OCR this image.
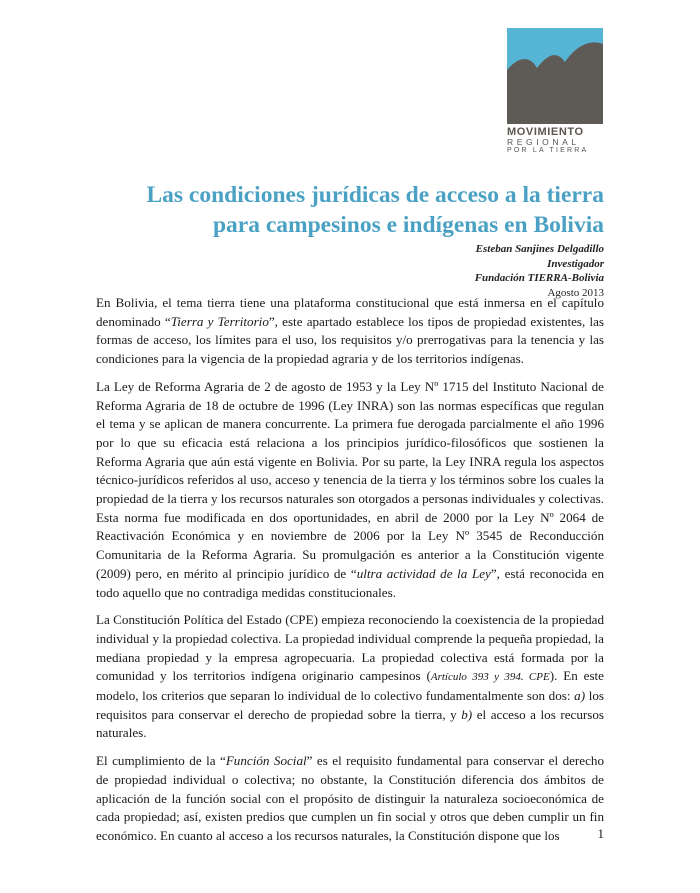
MOVIMIENTO
REGIONAL
POR LA TIERRA
Las condiciones jurídicas de acceso a la tierra
para campesinos e indígenas en Bolivia
Esteban Sanjines Delgadillo
Investigador
Fundación TIERRA-Bolivia
Agosto 2013

En Bolivia, el tema tierra tiene una plataforma constitucional que está inmersa en el capítulo denominado “Tierra y Territorio”, este apartado establece los tipos de propiedad existentes, las formas de acceso, los límites para el uso, los requisitos y/o prerrogativas para la tenencia y las condiciones para la vigencia de la propiedad agraria y de los territorios indígenas.

La Ley de Reforma Agraria de 2 de agosto de 1953 y la Ley Nº 1715 del Instituto Nacional de Reforma Agraria de 18 de octubre de 1996 (Ley INRA) son las normas específicas que regulan el tema y se aplican de manera concurrente. La primera fue derogada parcialmente el año 1996 por lo que su eficacia está relaciona a los principios jurídico-filosóficos que sostienen la Reforma Agraria que aún está vigente en Bolivia. Por su parte, la Ley INRA regula los aspectos técnico-jurídicos referidos al uso, acceso y tenencia de la tierra y los términos sobre los cuales la propiedad de la tierra y los recursos naturales son otorgados a personas individuales y colectivas. Esta norma fue modificada en dos oportunidades, en abril de 2000 por la Ley Nº 2064 de Reactivación Económica y en noviembre de 2006 por la Ley Nº 3545 de Reconducción Comunitaria de la Reforma Agraria. Su promulgación es anterior a la Constitución vigente (2009) pero, en mérito al principio jurídico de “ultra actividad de la Ley”, está reconocida en todo aquello que no contradiga medidas constitucionales.

La Constitución Política del Estado (CPE) empieza reconociendo la coexistencia de la propiedad individual y la propiedad colectiva. La propiedad individual comprende la pequeña propiedad, la mediana propiedad y la empresa agropecuaria. La propiedad colectiva está formada por la comunidad y los territorios indígena originario campesinos (Artículo 393 y 394. CPE). En este modelo, los criterios que separan lo individual de lo colectivo fundamentalmente son dos: a) los requisitos para conservar el derecho de propiedad sobre la tierra, y b) el acceso a los recursos naturales.

El cumplimiento de la “Función Social” es el requisito fundamental para conservar el derecho de propiedad individual o colectiva; no obstante, la Constitución diferencia dos ámbitos de aplicación de la función social con el propósito de distinguir la naturaleza socioeconómica de cada propiedad; así, existen predios que cumplen un fin social y otros que deben cumplir un fin económico. En cuanto al acceso a los recursos naturales, la Constitución dispone que los	1
